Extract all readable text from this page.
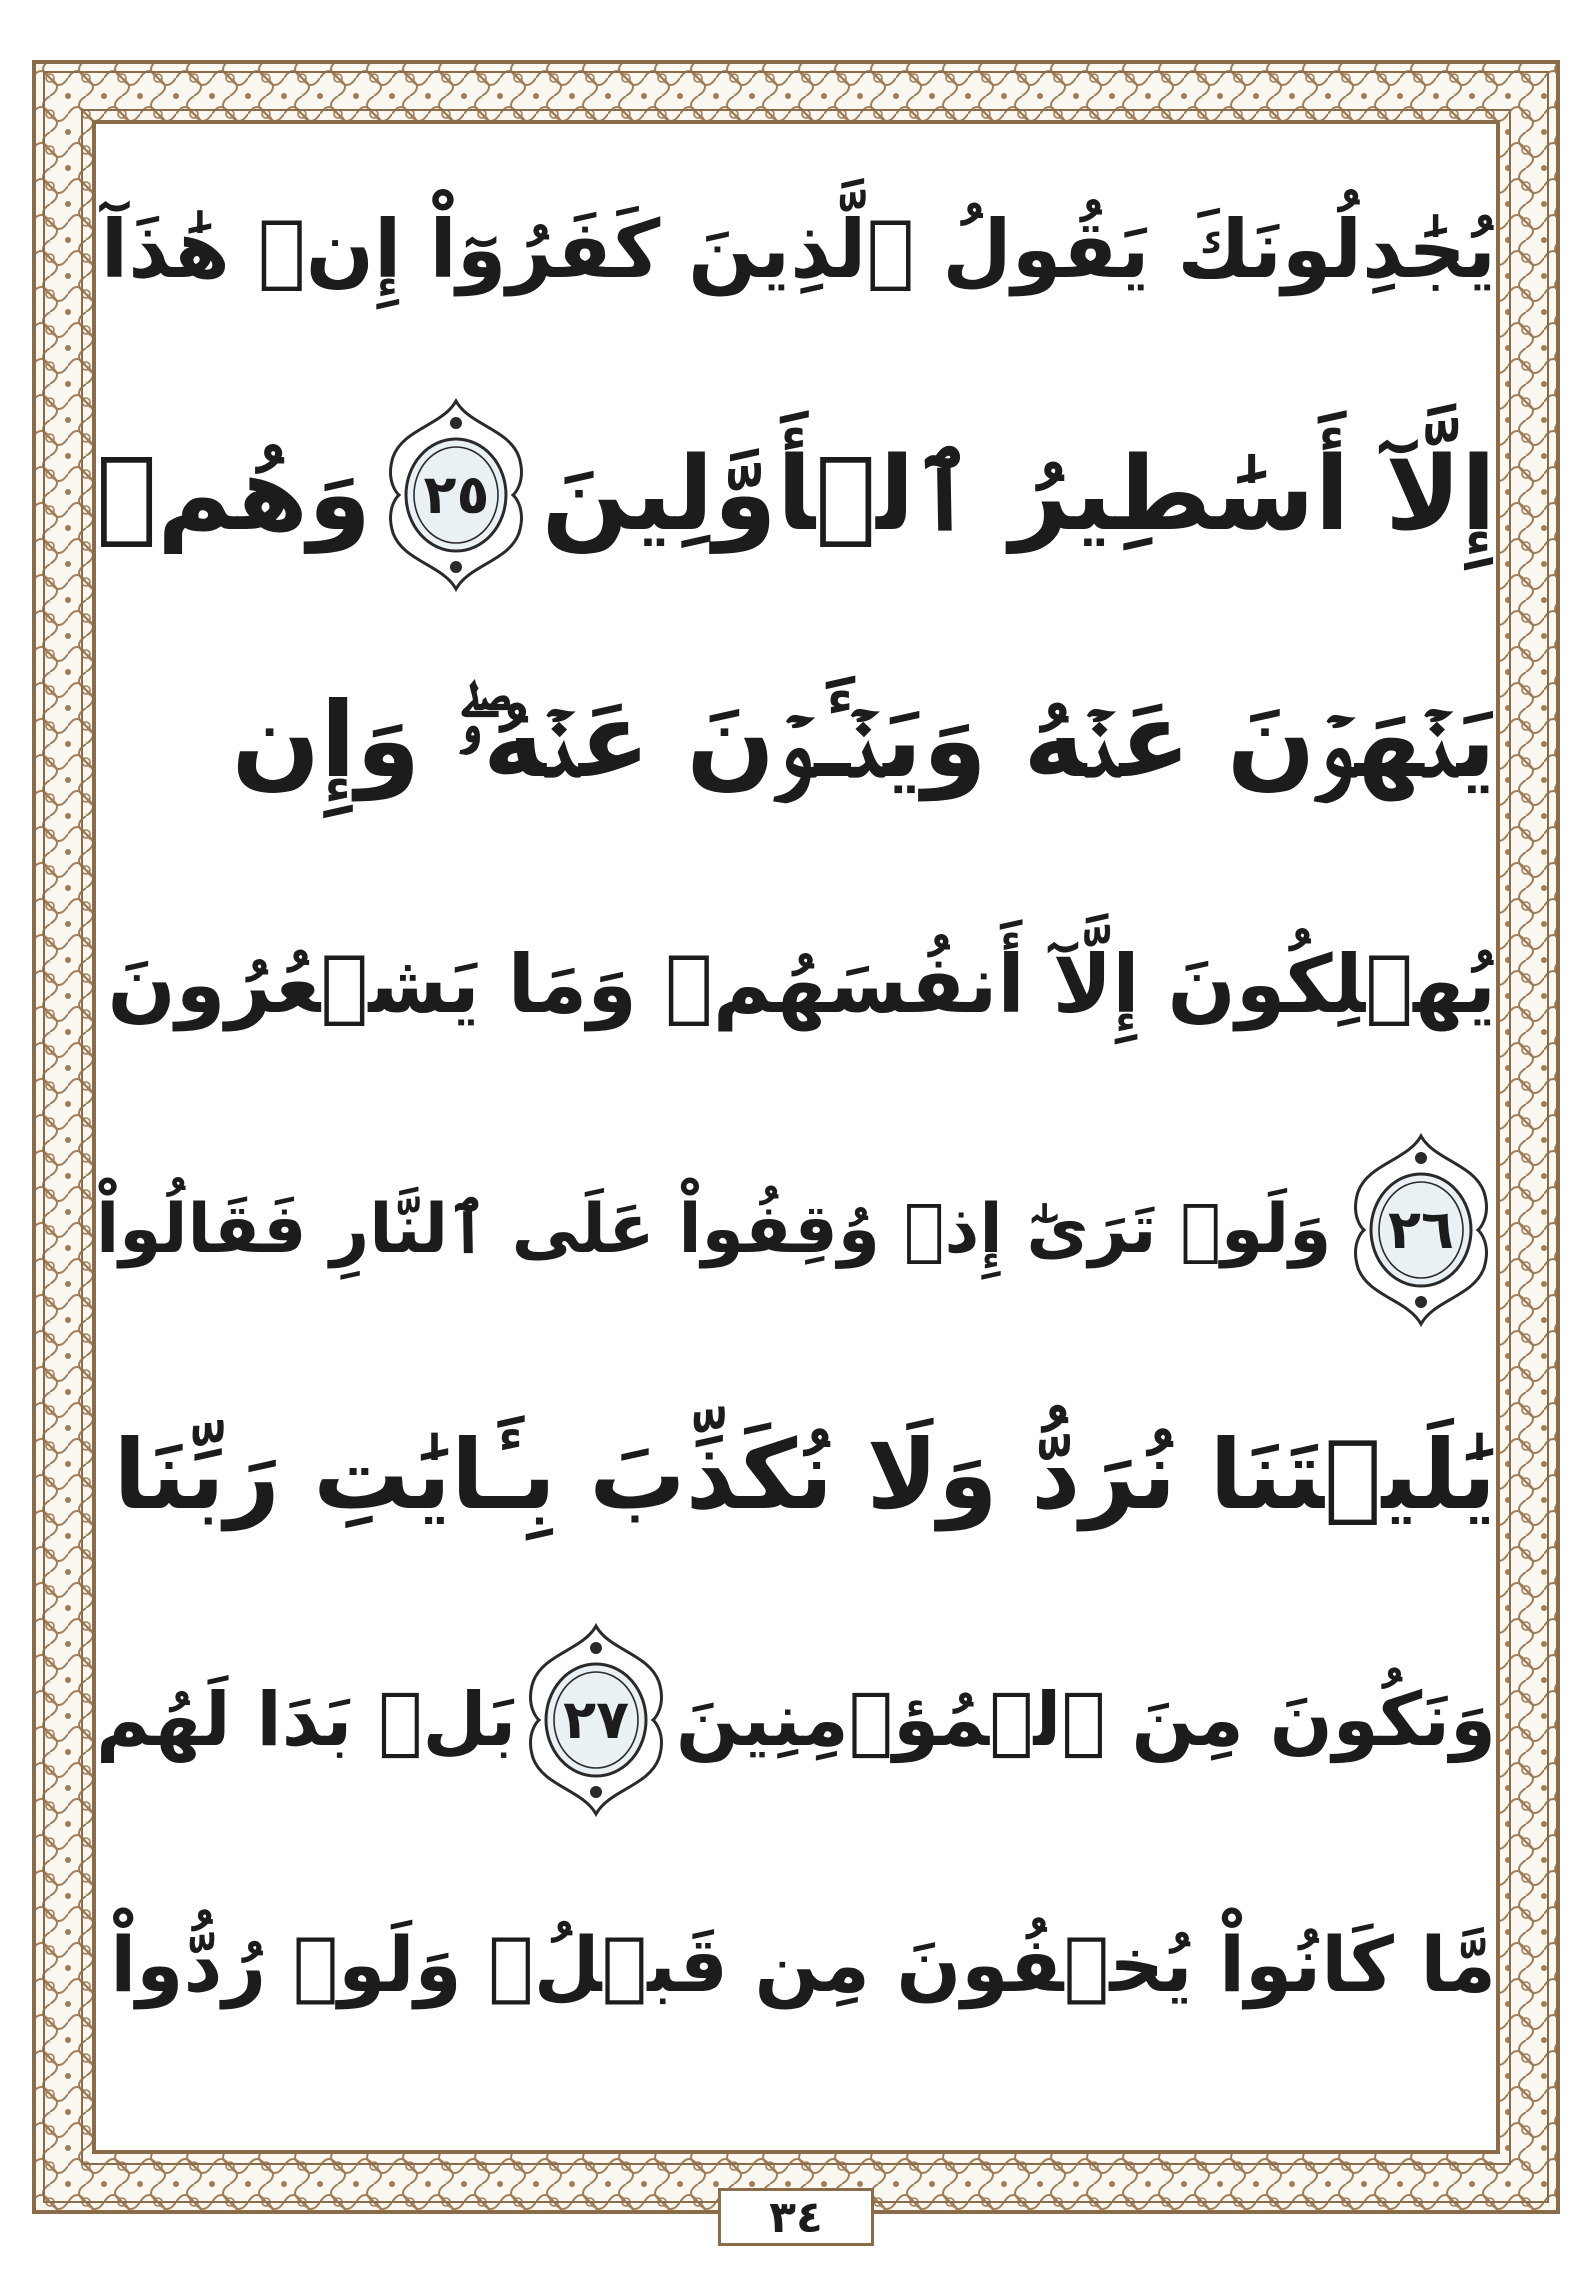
يُجَٰدِلُونَكَ يَقُولُ ٱلَّذِينَ كَفَرُوٓاْ إِنۡ هَٰذَآ
إِلَّآ أَسَٰطِيرُ ٱلۡأَوَّلِينَ
٢٥
وَهُمۡ
يَنۡهَوۡنَ عَنۡهُ وَيَنۡـَٔوۡنَ عَنۡهُۥۖ وَإِن
يُهۡلِكُونَ إِلَّآ أَنفُسَهُمۡ وَمَا يَشۡعُرُونَ
٢٦
وَلَوۡ تَرَىٰٓ إِذۡ وُقِفُواْ عَلَى ٱلنَّارِ فَقَالُواْ
يَٰلَيۡتَنَا نُرَدُّ وَلَا نُكَذِّبَ بِـَٔايَٰتِ رَبِّنَا
وَنَكُونَ مِنَ ٱلۡمُؤۡمِنِينَ
٢٧
بَلۡ بَدَا لَهُم
مَّا كَانُواْ يُخۡفُونَ مِن قَبۡلُۖ وَلَوۡ رُدُّواْ
٣٤
